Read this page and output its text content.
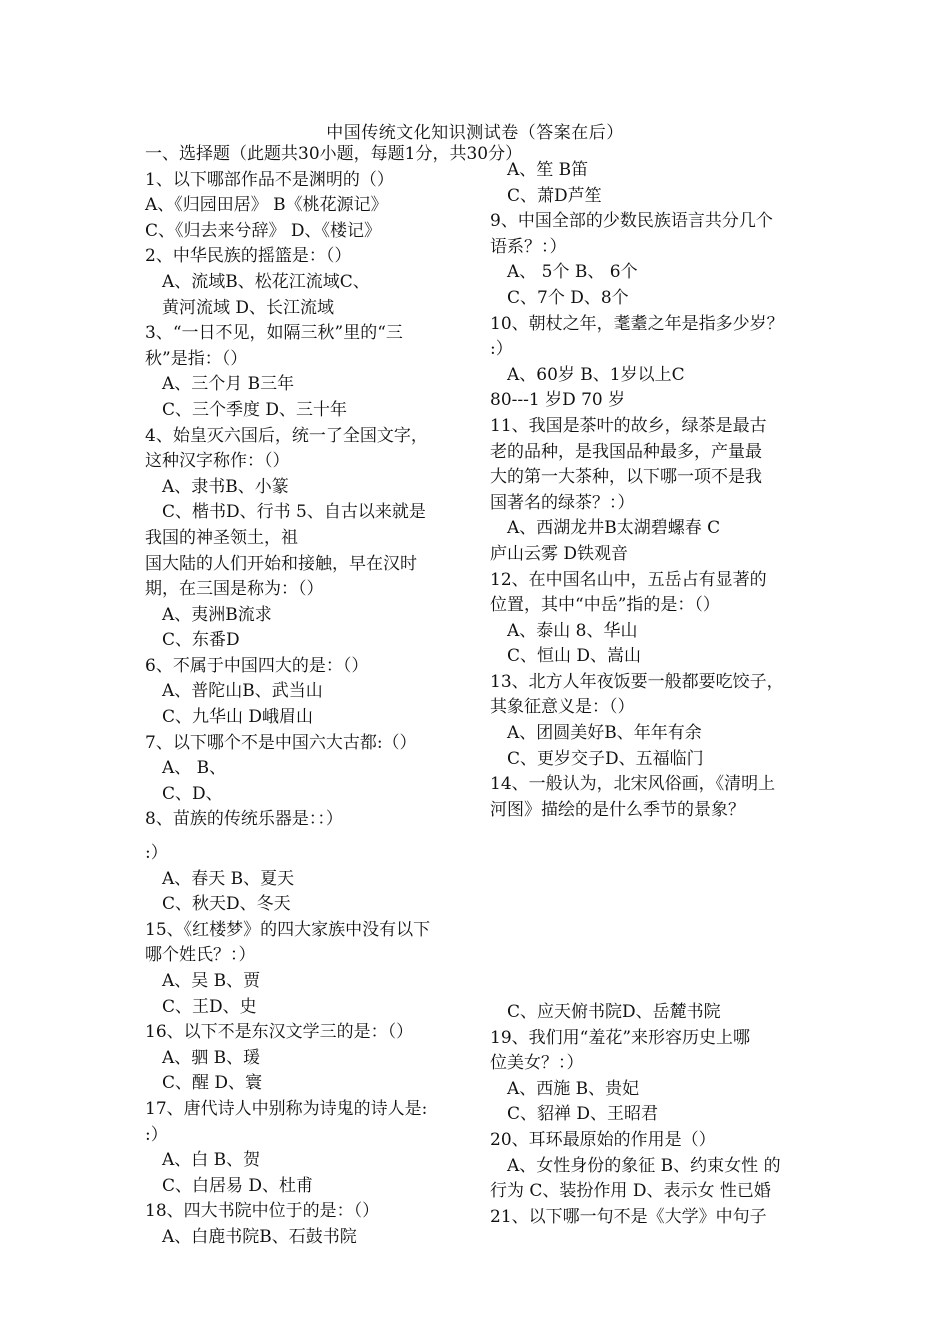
中国传统文化知识测试卷（答案在后）
一、选择题（此题共30小题，每题1分，共30分）
1、以下哪部作品不是渊明的（）
A、《归园田居》 B《桃花源记》
C、《归去来兮辞》 D、《楼记》
2、中华民族的摇篮是：（）
A、流域B、松花江流域C、
黄河流域 D、长江流域
3、“一日不见，如隔三秋”里的“三
秋”是指：（）
A、三个月 B三年
C、三个季度 D、三十年
4、始皇灭六国后，统一了全国文字，
这种汉字称作：（）
A、隶书B、小篆
C、楷书D、行书 5、自古以来就是
我国的神圣领土，祖
国大陆的人们开始和接触，早在汉时
期，在三国是称为：（）
A、夷洲B流求
C、东番D
6、不属于中国四大的是：（）
A、普陀山B、武当山
C、九华山 D峨眉山
7、以下哪个不是中国六大古都:（）
A、 B、
C、D、
8、苗族的传统乐器是：：）
:）
A、春天 B、夏天
C、秋天D、冬天
15、《红楼梦》的四大家族中没有以下
哪个姓氏？：）
A、吴 B、贾
C、王D、史
16、以下不是东汉文学三的是：（）
A、驷 B、瑗
C、醒 D、寰
17、唐代诗人中别称为诗鬼的诗人是:
:）
A、白 B、贺
C、白居易 D、杜甫
18、四大书院中位于的是：（）
A、白鹿书院B、石鼓书院
A、笙 B笛
C、萧D芦笙
9、中国全部的少数民族语言共分几个
语系？：）
A、 5个 B、 6个
C、7个 D、8个
10、朝杖之年，耄耋之年是指多少岁？
:）
A、60岁 B、1岁以上C
80---1 岁D 70 岁
11、我国是茶叶的故乡，绿茶是最古
老的品种，是我国品种最多，产量最
大的第一大茶种，以下哪一项不是我
国著名的绿茶？：）
A、西湖龙井B太湖碧螺春 C
庐山云雾 D铁观音
12、在中国名山中，五岳占有显著的
位置，其中“中岳”指的是：（）
A、泰山 8、华山
C、恒山 D、嵩山
13、北方人年夜饭要一般都要吃饺子，
其象征意义是：（）
A、团圆美好B、年年有余
C、更岁交子D、五福临门
14、一般认为，北宋风俗画，《清明上
河图》描绘的是什么季节的景象？
C、应天俯书院D、岳麓书院
19、我们用“羞花”来形容历史上哪
位美女？：）
A、西施 B、贵妃
C、貂禅 D、王昭君
20、耳环最原始的作用是（）
A、女性身份的象征 B、约束女性 的
行为 C、装扮作用 D、表示女 性已婚
21、以下哪一句不是《大学》中句子
